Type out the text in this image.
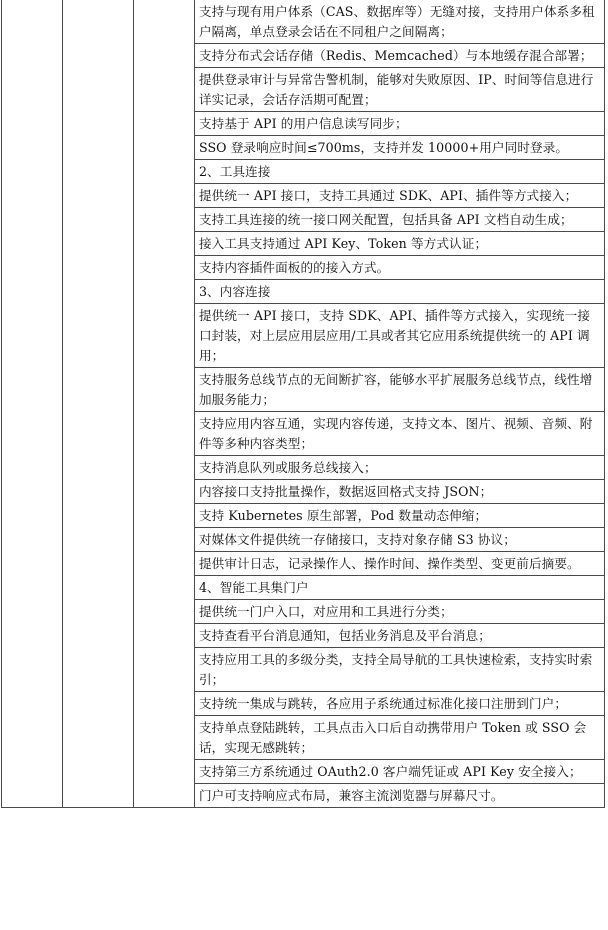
			支持与现有用户体系（CAS、数据库等）无缝对接，支持用户体系多租户隔离，单点登录会话在不同租户之间隔离；
支持分布式会话存储（Redis、Memcached）与本地缓存混合部署；
提供登录审计与异常告警机制，能够对失败原因、IP、时间等信息进行详实记录，会话存活期可配置；
支持基于 API 的用户信息读写同步；
SSO 登录响应时间≤700ms，支持并发 10000+用户同时登录。
2、工具连接
提供统一 API 接口，支持工具通过 SDK、API、插件等方式接入；
支持工具连接的统一接口网关配置，包括具备 API 文档自动生成；
接入工具支持通过 API Key、Token 等方式认证；
支持内容插件面板的的接入方式。
3、内容连接
提供统一 API 接口，支持 SDK、API、插件等方式接入，实现统一接口封装，对上层应用层应用/工具或者其它应用系统提供统一的 API 调用；
支持服务总线节点的无间断扩容，能够水平扩展服务总线节点，线性增加服务能力；
支持应用内容互通，实现内容传递，支持文本、图片、视频、音频、附件等多种内容类型；
支持消息队列或服务总线接入；
内容接口支持批量操作，数据返回格式支持 JSON；
支持 Kubernetes 原生部署，Pod 数量动态伸缩；
对媒体文件提供统一存储接口，支持对象存储 S3 协议；
提供审计日志，记录操作人、操作时间、操作类型、变更前后摘要。
4、智能工具集门户
提供统一门户入口，对应用和工具进行分类；
支持查看平台消息通知，包括业务消息及平台消息；
支持应用工具的多级分类，支持全局导航的工具快速检索，支持实时索引；
支持统一集成与跳转，各应用子系统通过标准化接口注册到门户；
支持单点登陆跳转，工具点击入口后自动携带用户 Token 或 SSO 会话，实现无感跳转；
支持第三方系统通过 OAuth2.0 客户端凭证或 API Key 安全接入；
门户可支持响应式布局，兼容主流浏览器与屏幕尺寸。
